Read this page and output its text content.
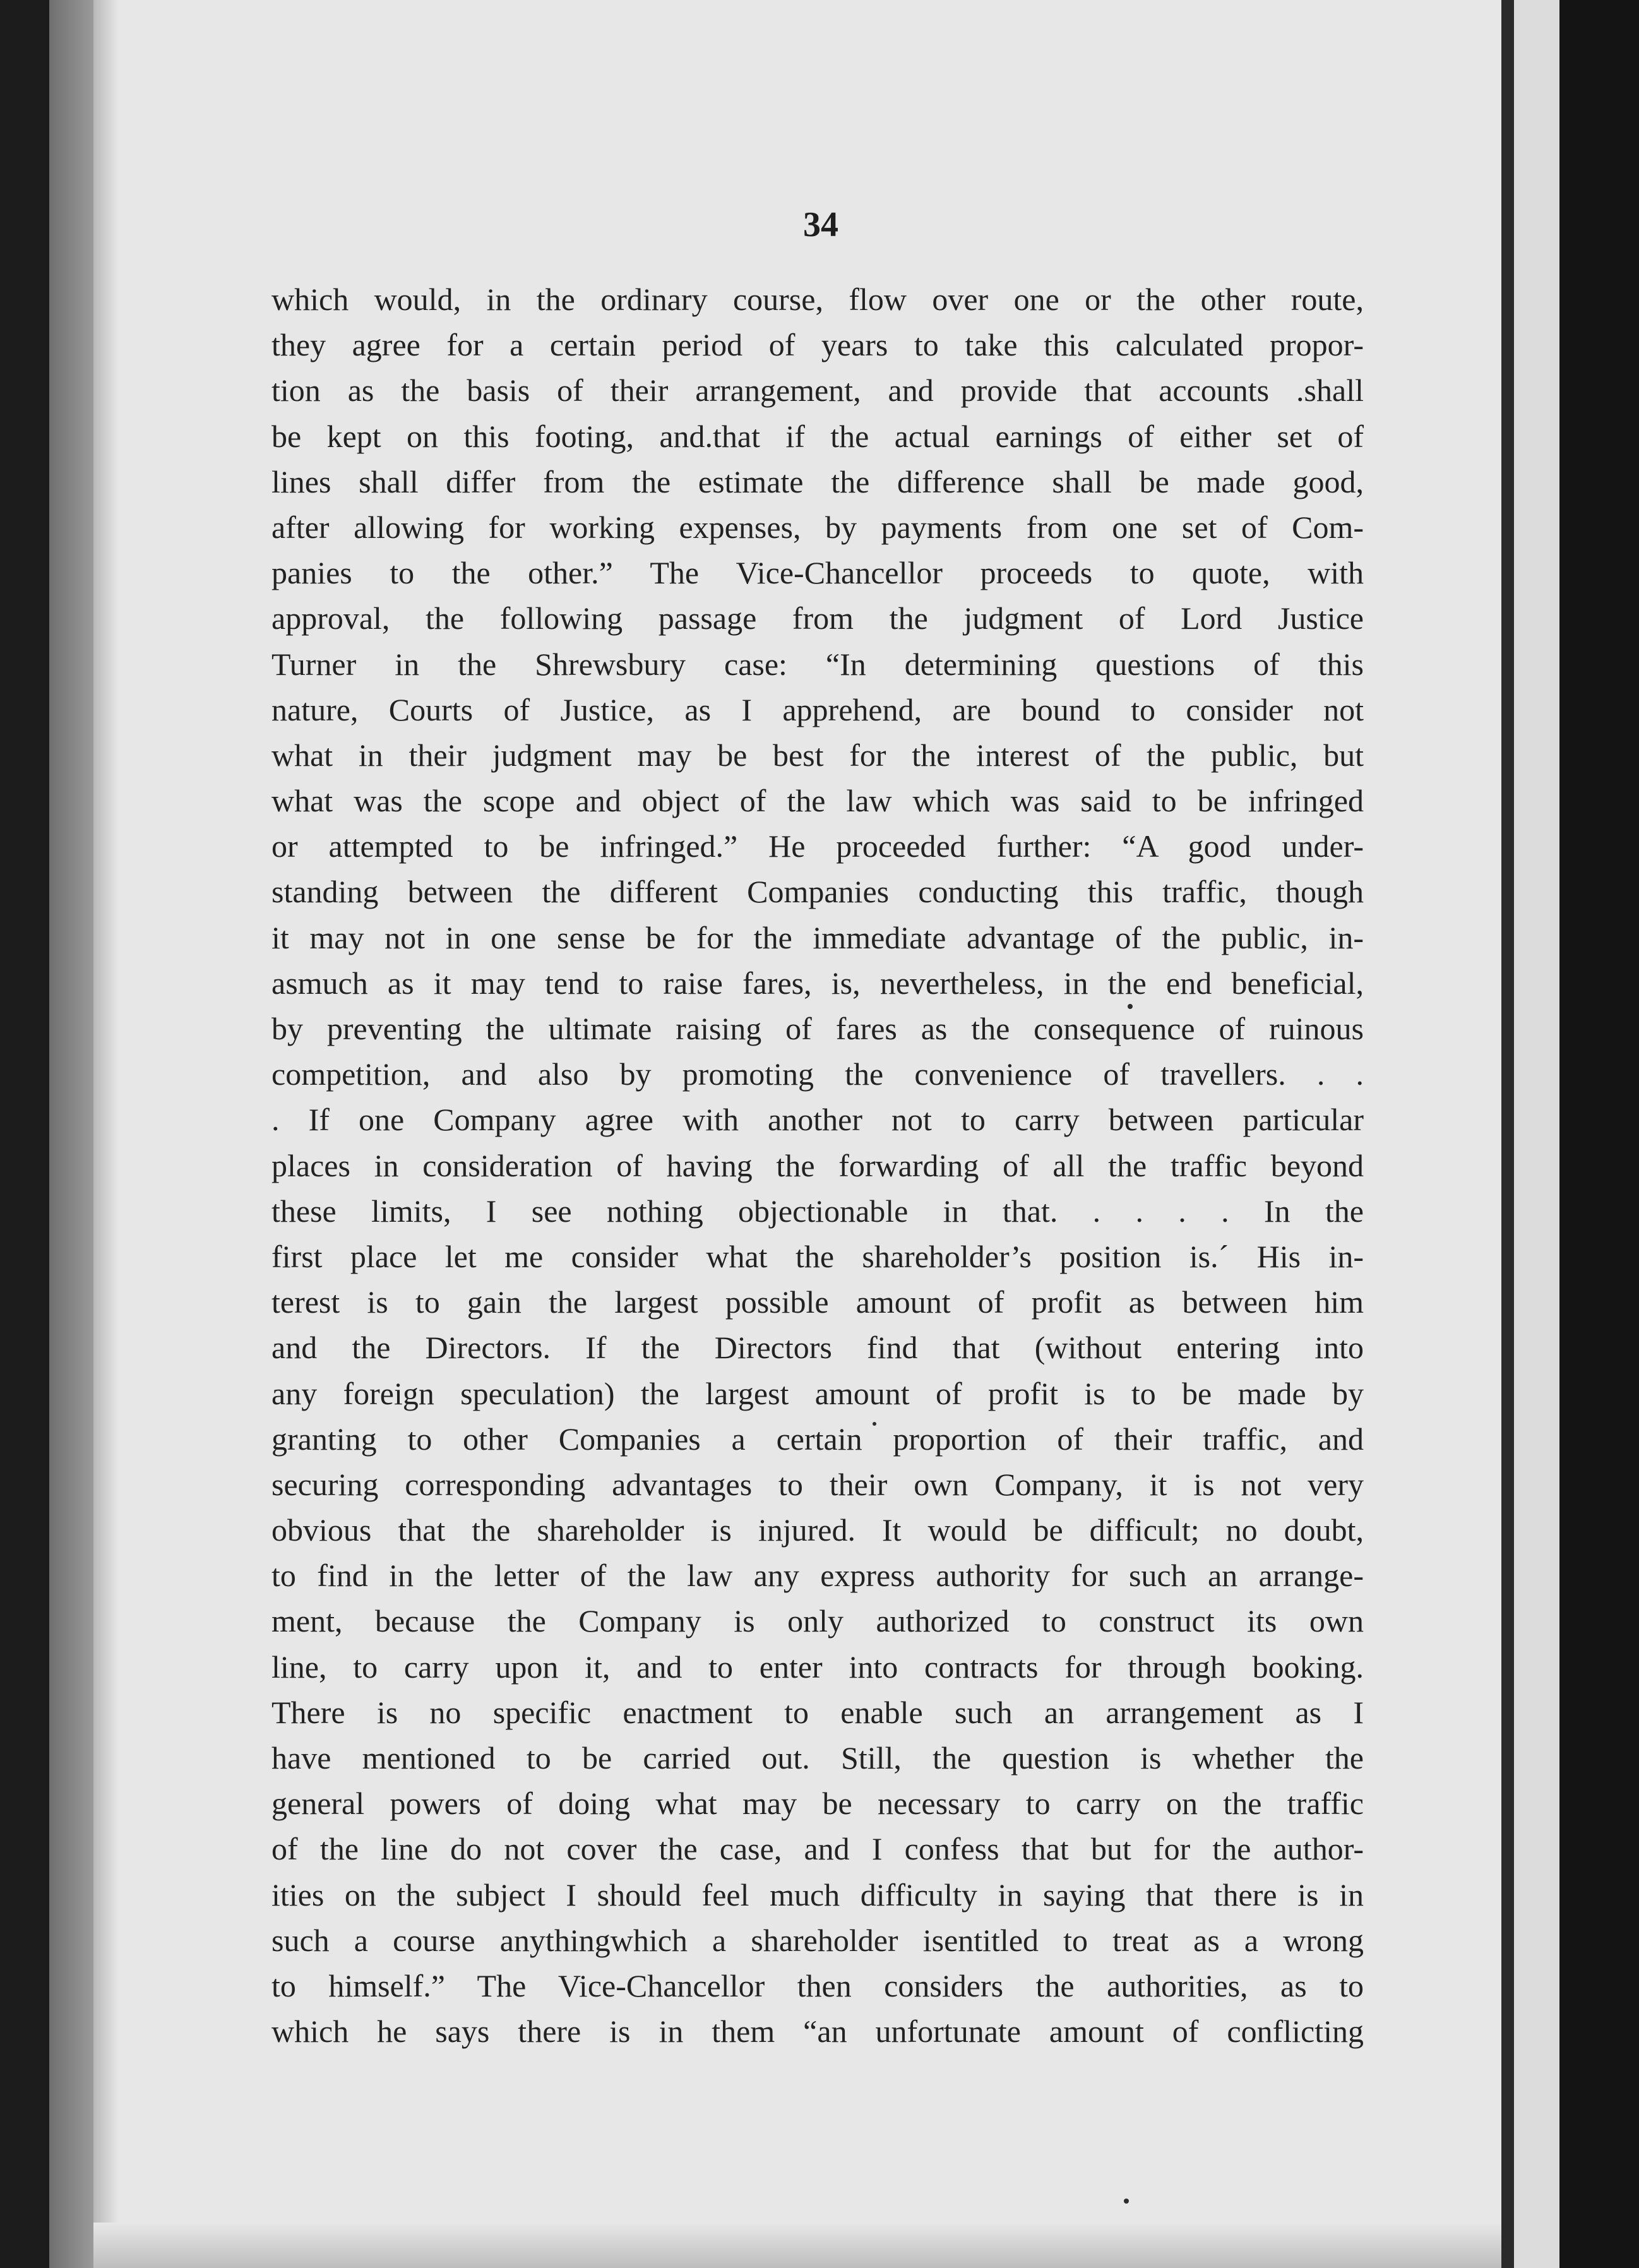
34
which would, in the ordinary course, flow over one or the other route,
they agree for a certain period of years to take this calculated propor-
tion as the basis of their arrangement, and provide that accounts .shall
be kept on this footing, and.that if the actual earnings of either set of
lines shall differ from the estimate the difference shall be made good,
after allowing for working expenses, by payments from one set of Com-
panies to the other.” The Vice-Chancellor proceeds to quote, with
approval, the following passage from the judgment of Lord Justice
Turner in the Shrewsbury case: “In determining questions of this
nature, Courts of Justice, as I apprehend, are bound to consider not
what in their judgment may be best for the interest of the public, but
what was the scope and object of the law which was said to be infringed
or attempted to be infringed.” He proceeded further: “A good under-
standing between the different Companies conducting this traffic, though
it may not in one sense be for the immediate advantage of the public, in-
asmuch as it may tend to raise fares, is, nevertheless, in the end beneficial,
by preventing the ultimate raising of fares as the consequence of ruinous
competition, and also by promoting the convenience of travellers. . .
. If one Company agree with another not to carry between particular
places in consideration of having the forwarding of all the traffic beyond
these limits, I see nothing objectionable in that. . . . . In the
first place let me consider what the shareholder’s position is.´ His in-
terest is to gain the largest possible amount of profit as between him
and the Directors. If the Directors find that (without entering into
any foreign speculation) the largest amount of profit is to be made by
granting to other Companies a certain proportion of their traffic, and
securing corresponding advantages to their own Company, it is not very
obvious that the shareholder is injured. It would be difficult; no doubt,
to find in the letter of the law any express authority for such an arrange-
ment, because the Company is only authorized to construct its own
line, to carry upon it, and to enter into contracts for through booking.
There is no specific enactment to enable such an arrangement as I
have mentioned to be carried out. Still, the question is whether the
general powers of doing what may be necessary to carry on the traffic
of the line do not cover the case, and I confess that but for the author-
ities on the subject I should feel much difficulty in saying that there is in
such a course anythingwhich a shareholder isentitled to treat as a wrong
to himself.” The Vice-Chancellor then considers the authorities, as to
which he says there is in them “an unfortunate amount of conflicting
